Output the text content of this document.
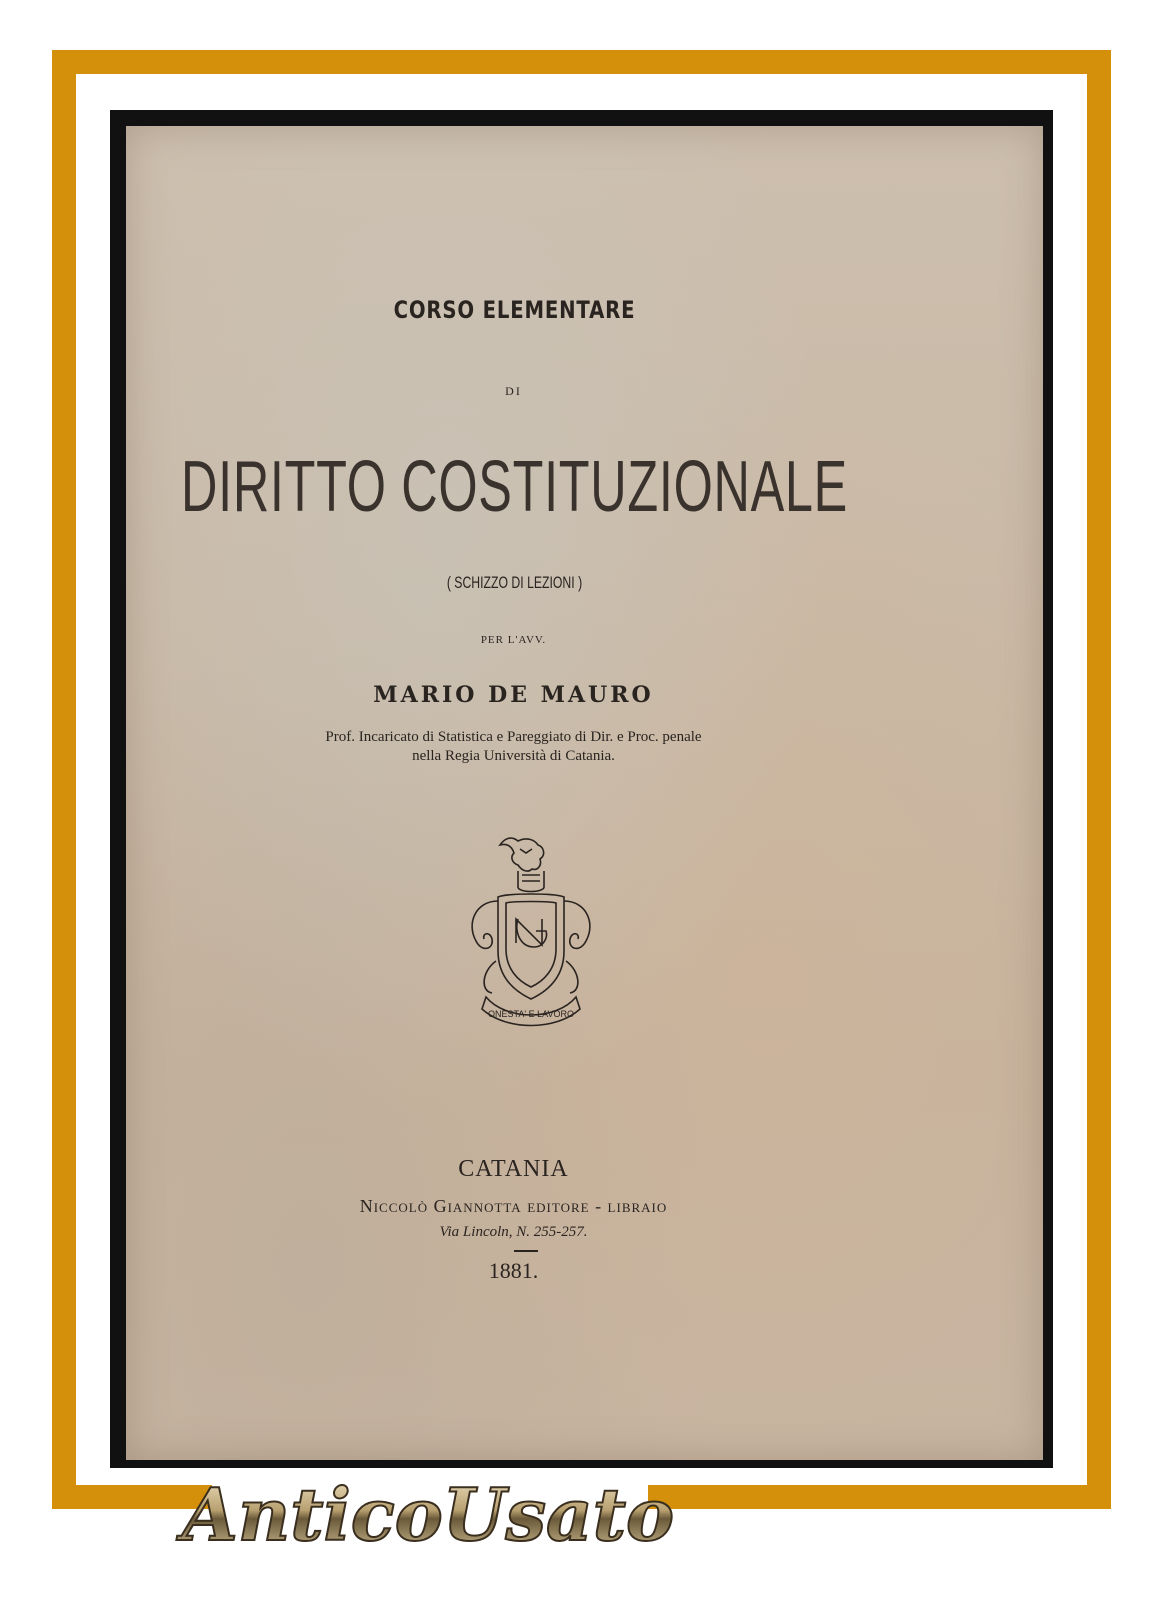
CORSO ELEMENTARE
DI
DIRITTO COSTITUZIONALE
( SCHIZZO DI LEZIONI )
PER L'AVV.
MARIO DE MAURO
Prof. Incaricato di Statistica e Pareggiato di Dir. e Proc. penale
nella Regia Università di Catania.
ONESTA' E LAVORO
CATANIA
Niccolò Giannotta editore - libraio
Via Lincoln, N. 255-257.
1881.
AnticoUsato
